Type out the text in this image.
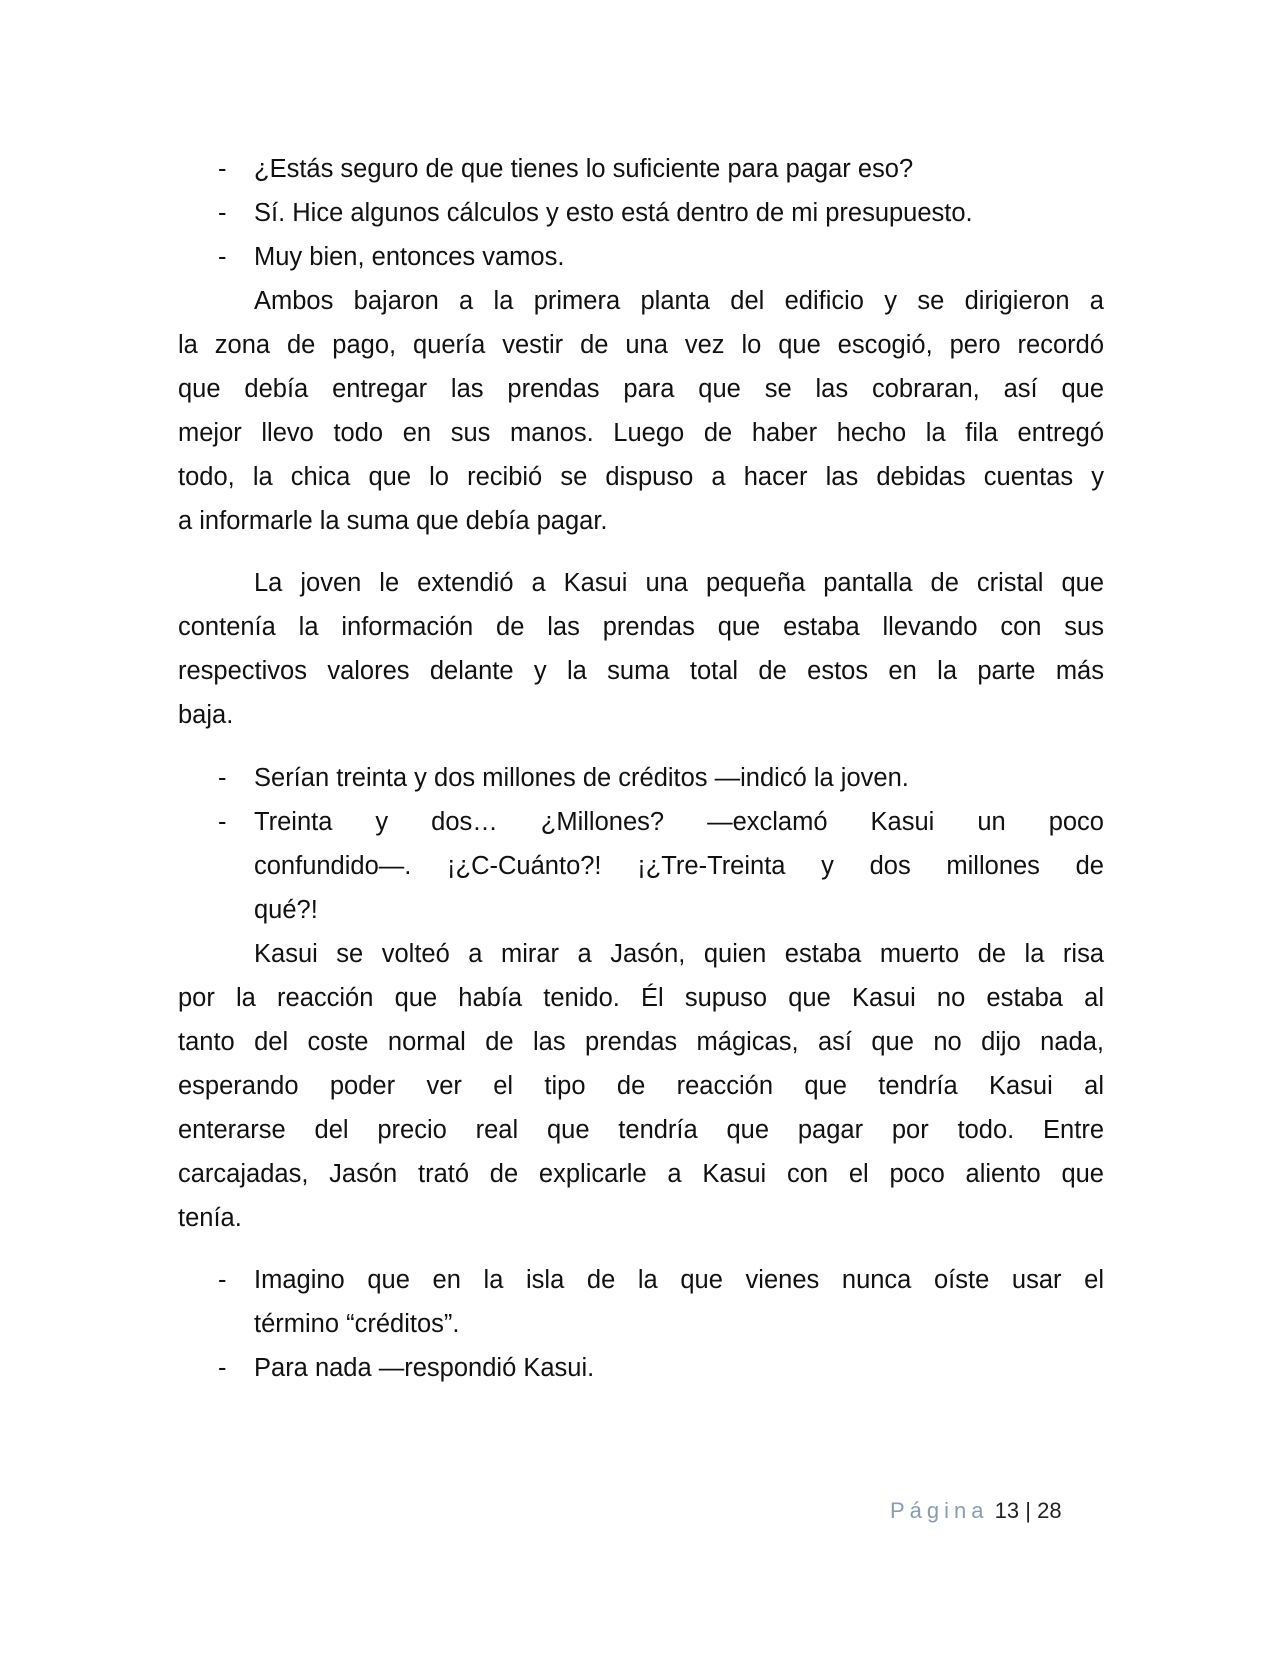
- ¿Estás seguro de que tienes lo suficiente para pagar eso?
- Sí. Hice algunos cálculos y esto está dentro de mi presupuesto.
- Muy bien, entonces vamos.
Ambos bajaron a la primera planta del edificio y se dirigieron a
la zona de pago, quería vestir de una vez lo que escogió, pero recordó
que debía entregar las prendas para que se las cobraran, así que
mejor llevo todo en sus manos. Luego de haber hecho la fila entregó
todo, la chica que lo recibió se dispuso a hacer las debidas cuentas y
a informarle la suma que debía pagar.
La joven le extendió a Kasui una pequeña pantalla de cristal que
contenía la información de las prendas que estaba llevando con sus
respectivos valores delante y la suma total de estos en la parte más
baja.
- Serían treinta y dos millones de créditos —indicó la joven.
- Treinta y dos… ¿Millones? —exclamó Kasui un poco
confundido—. ¡¿C-Cuánto?! ¡¿Tre-Treinta y dos millones de
qué?!
Kasui se volteó a mirar a Jasón, quien estaba muerto de la risa
por la reacción que había tenido. Él supuso que Kasui no estaba al
tanto del coste normal de las prendas mágicas, así que no dijo nada,
esperando poder ver el tipo de reacción que tendría Kasui al
enterarse del precio real que tendría que pagar por todo. Entre
carcajadas, Jasón trató de explicarle a Kasui con el poco aliento que
tenía.
- Imagino que en la isla de la que vienes nunca oíste usar el
término “créditos”.
- Para nada —respondió Kasui.
Página 13 | 28
